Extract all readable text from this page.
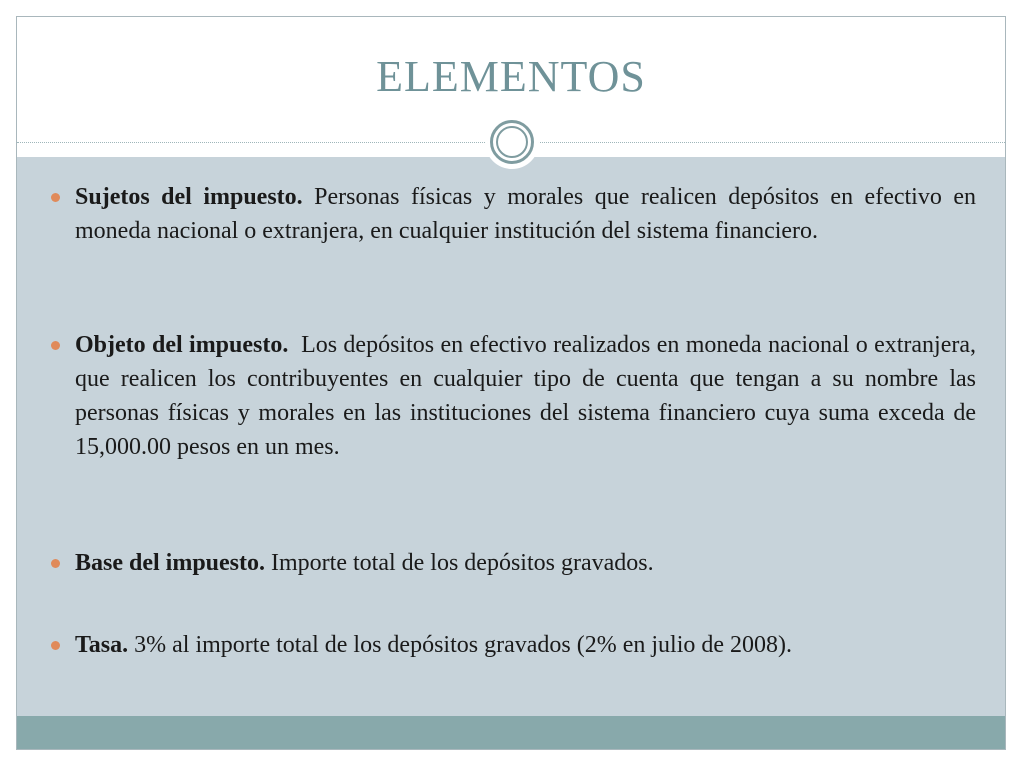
ELEMENTOS
Sujetos del impuesto. Personas físicas y morales que realicen depósitos en efectivo en moneda nacional o extranjera, en cualquier institución del sistema financiero.
Objeto del impuesto.  Los depósitos en efectivo realizados en moneda nacional o extranjera, que realicen los contribuyentes en cualquier tipo de cuenta que tengan a su nombre las personas físicas y morales en las instituciones del sistema financiero cuya suma exceda de 15,000.00 pesos en un mes.
Base del impuesto. Importe total de los depósitos gravados.
Tasa. 3% al importe total de los depósitos gravados (2% en julio de 2008).
